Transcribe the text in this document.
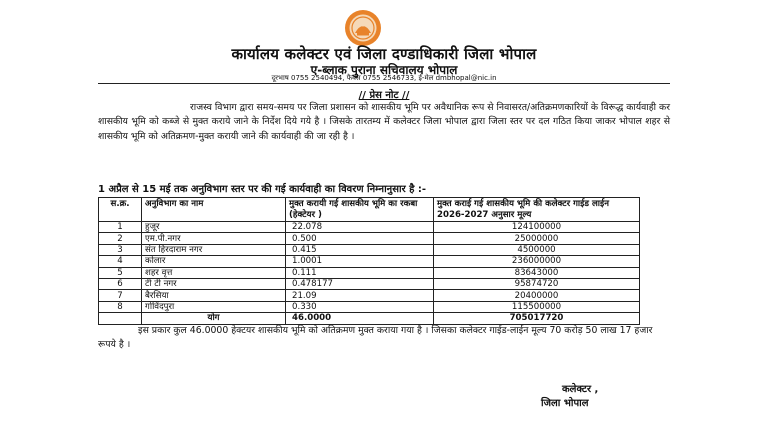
कार्यालय कलेक्टर एवं जिला दण्डाधिकारी जिला भोपाल
ए-ब्लाक पुराना सचिवालय भोपाल
दूरभाष 0755 2540494, फैक्स 0755 2546733, ई-मेल dmbhopal@nic.in
// प्रेस नोट //

राजस्व विभाग द्वारा समय-समय पर जिला प्रशासन को शासकीय भूमि पर अवैधानिक रूप से निवासरत/अतिक्रमणकारियों के विरूद्ध कार्यवाही कर शासकीय भूमि को कब्जे से मुक्त कराये जाने के निर्देश दिये गये है । जिसके तारतम्य में कलेक्टर जिला भोपाल द्वारा जिला स्तर पर दल गठित किया जाकर भोपाल शहर से शासकीय भूमि को अतिक्रमण-मुक्त करायी जाने की कार्यवाही की जा रही है ।

1 अप्रैल से 15 मई तक अनुविभाग स्तर पर की गई कार्यवाही का विवरण निम्नानुसार है :-
स.क्र.	अनुविभाग का नाम	मुक्त करायी गई शासकीय भूमि का रकबा (हेक्टेयर )	मुक्त कराई गई शासकीय भूमि की कलेक्टर गाईड लाईन 2026-2027 अनुसार मूल्य
1	हुजूर	22.078	124100000
2	एम.पी.नगर	0.500	25000000
3	संत हिरदाराम नगर	0.415	4500000
4	कोलार	1.0001	236000000
5	शहर वृत्त	0.111	83643000
6	टी टी नगर	0.478177	95874720
7	बैरसिया	21.09	20400000
8	गोविंदपुरा	0.330	115500000
	योग	46.0000	705017720

इस प्रकार कुल 46.0000 हेक्टयर शासकीय भूमि को अतिक्रमण मुक्त कराया गया है । जिसका कलेक्टर गाईड-लाईन मूल्य 70 करोड़ 50 लाख 17 हजार रूपये है ।

कलेक्टर ,
जिला भोपाल
